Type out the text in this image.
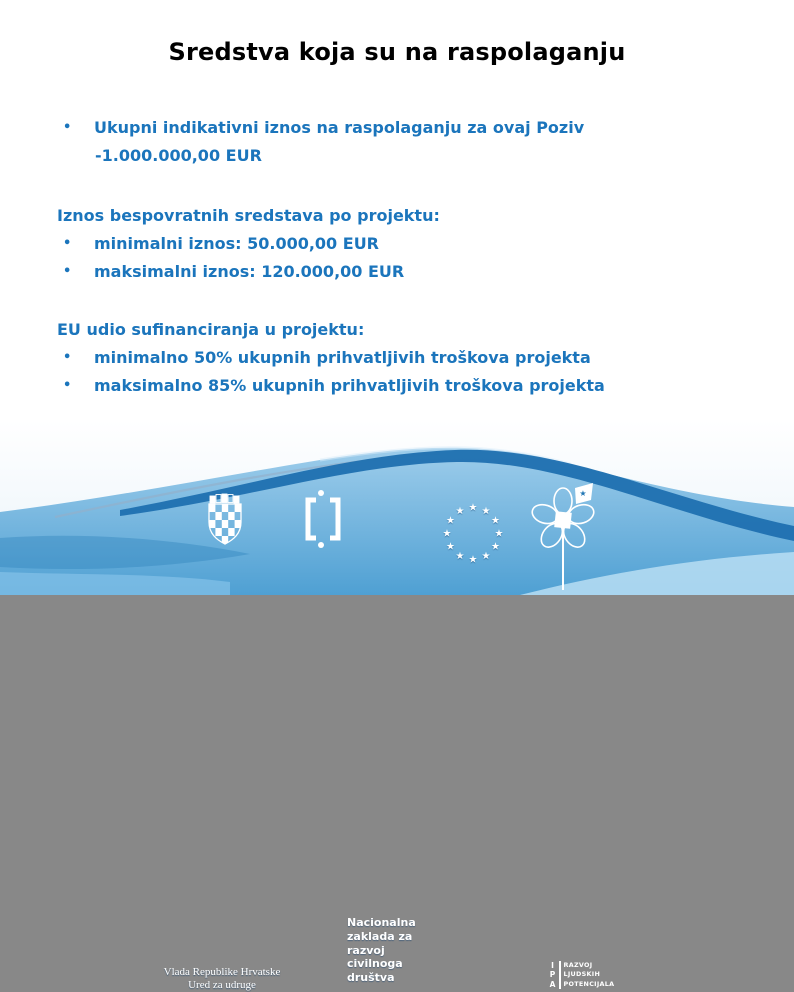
Sredstva koja su na raspolaganju
•	Ukupni indikativni iznos na raspolaganju za ovaj Poziv
-1.000.000,00 EUR
Iznos bespovratnih sredstava po projektu:
•	minimalni iznos: 50.000,00 EUR
•	maksimalni iznos: 120.000,00 EUR
EU udio sufinanciranja u projektu:
•	minimalno 50% ukupnih prihvatljivih troškova projekta
•	maksimalno 85% ukupnih prihvatljivih troškova projekta
Vlada Republike Hrvatske
Ured za udruge
Nacionalna
zaklada za
razvoj
civilnoga
društva
★ ★
★
★
★
★
★
★
★
★
★
★
★
I
P
A
RAZVOJ
LJUDSKIH
POTENCIJALA
